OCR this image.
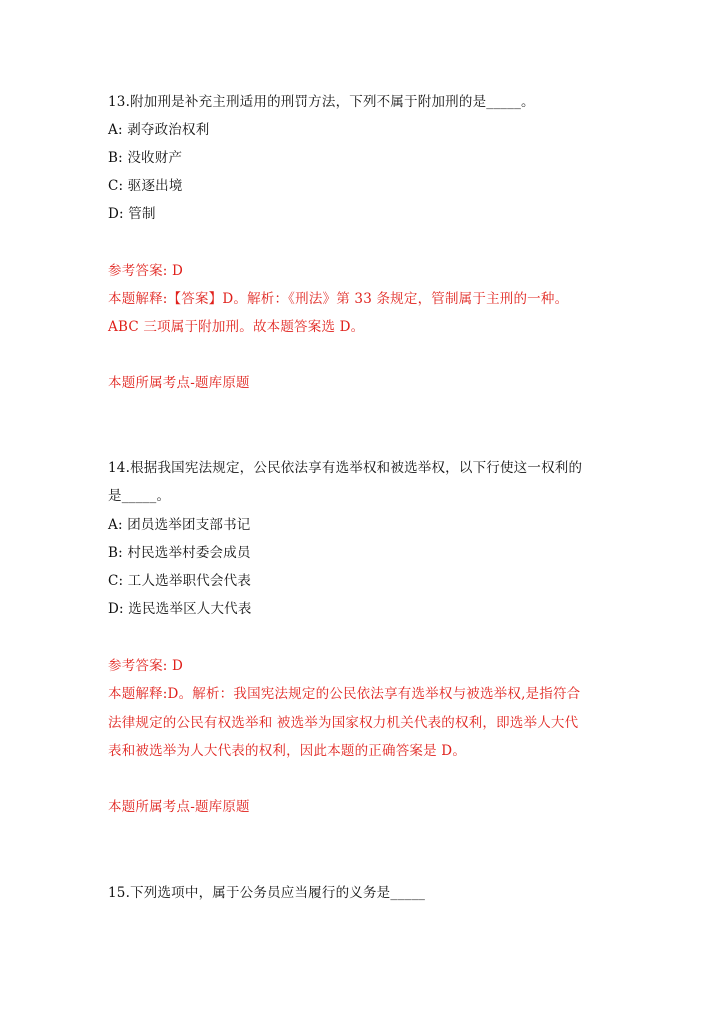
13.附加刑是补充主刑适用的刑罚方法，下列不属于附加刑的是_____。
A: 剥夺政治权利
B: 没收财产
C: 驱逐出境
D: 管制
参考答案: D
本题解释:【答案】D。解析：《刑法》第 33 条规定，管制属于主刑的一种。
ABC 三项属于附加刑。故本题答案选 D。
本题所属考点-题库原题
14.根据我国宪法规定，公民依法享有选举权和被选举权，以下行使这一权利的
是_____。
A: 团员选举团支部书记
B: 村民选举村委会成员
C: 工人选举职代会代表
D: 选民选举区人大代表
参考答案: D
本题解释:D。解析：我国宪法规定的公民依法享有选举权与被选举权,是指符合
法律规定的公民有权选举和 被选举为国家权力机关代表的权利，即选举人大代
表和被选举为人大代表的权利，因此本题的正确答案是 D。
本题所属考点-题库原题
15.下列选项中，属于公务员应当履行的义务是_____
